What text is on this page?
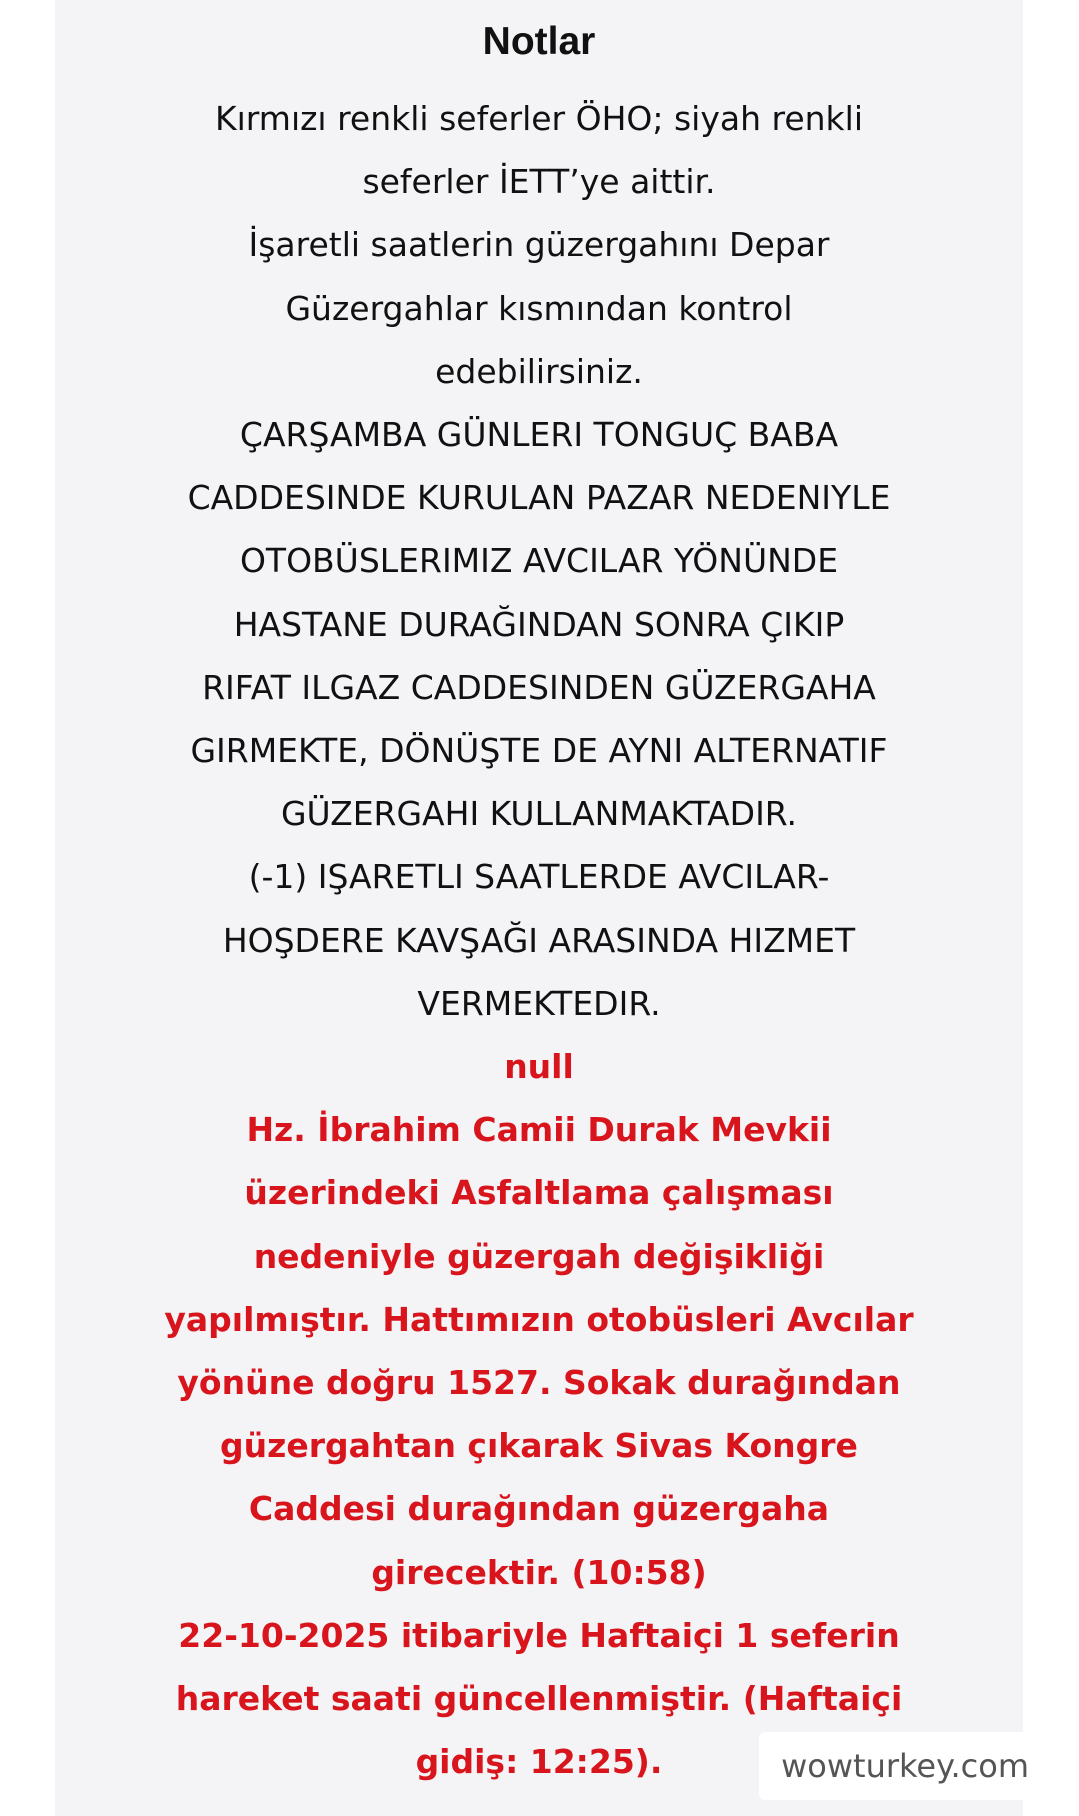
Notlar
Kırmızı renkli seferler ÖHO; siyah renkli
seferler İETT’ye aittir.
İşaretli saatlerin güzergahını Depar
Güzergahlar kısmından kontrol
edebilirsiniz.
ÇARŞAMBA GÜNLERI TONGUÇ BABA
CADDESINDE KURULAN PAZAR NEDENIYLE
OTOBÜSLERIMIZ AVCILAR YÖNÜNDE
HASTANE DURAĞINDAN SONRA ÇIKIP
RIFAT ILGAZ CADDESINDEN GÜZERGAHA
GIRMEKTE, DÖNÜŞTE DE AYNI ALTERNATIF
GÜZERGAHI KULLANMAKTADIR.
(-1) IŞARETLI SAATLERDE AVCILAR-
HOŞDERE KAVŞAĞI ARASINDA HIZMET
VERMEKTEDIR.
null
Hz. İbrahim Camii Durak Mevkii
üzerindeki Asfaltlama çalışması
nedeniyle güzergah değişikliği
yapılmıştır. Hattımızın otobüsleri Avcılar
yönüne doğru 1527. Sokak durağından
güzergahtan çıkarak Sivas Kongre
Caddesi durağından güzergaha
girecektir. (10:58)
22-10-2025 itibariyle Haftaiçi 1 seferin
hareket saati güncellenmiştir. (Haftaiçi
gidiş: 12:25).	wowturkey.com
